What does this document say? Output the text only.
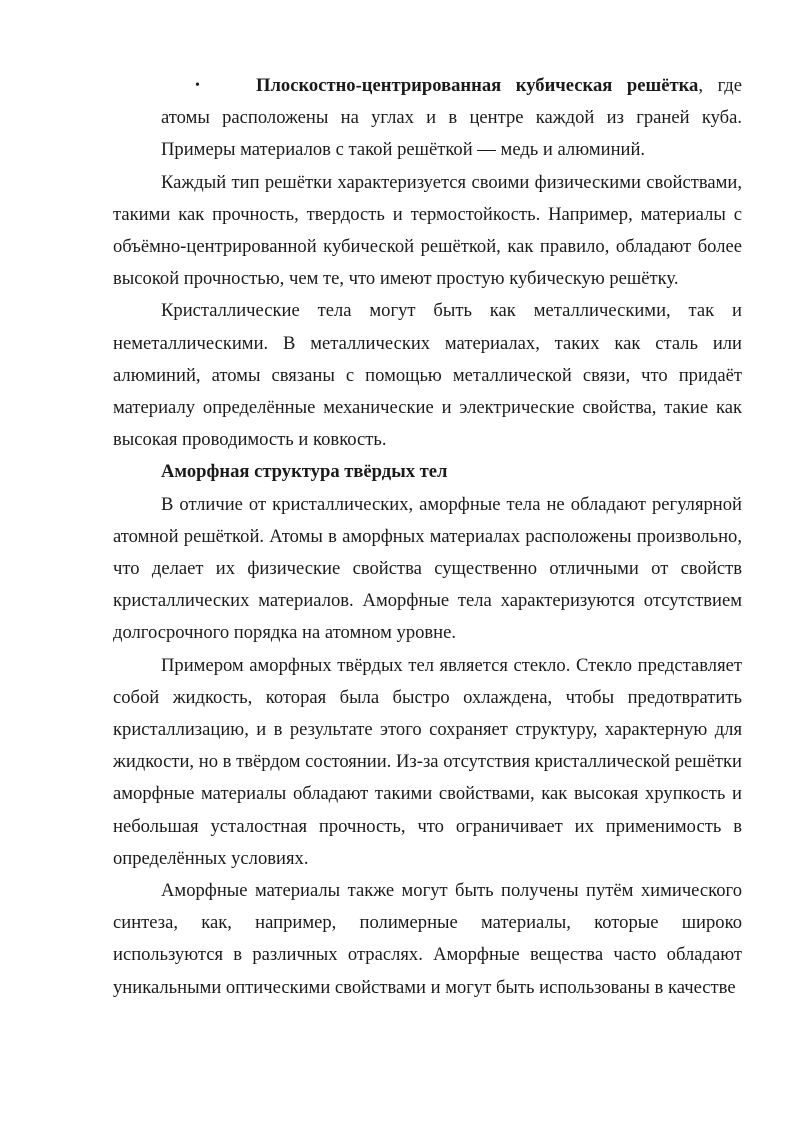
•	Плоскостно-центрированная кубическая решётка, где атомы расположены на углах и в центре каждой из граней куба. Примеры материалов с такой решёткой — медь и алюминий.

Каждый тип решётки характеризуется своими физическими свойствами, такими как прочность, твердость и термостойкость. Например, материалы с объёмно-центрированной кубической решёткой, как правило, обладают более высокой прочностью, чем те, что имеют простую кубическую решётку.

Кристаллические тела могут быть как металлическими, так и неметаллическими. В металлических материалах, таких как сталь или алюминий, атомы связаны с помощью металлической связи, что придаёт материалу определённые механические и электрические свойства, такие как высокая проводимость и ковкость.

Аморфная структура твёрдых тел

В отличие от кристаллических, аморфные тела не обладают регулярной атомной решёткой. Атомы в аморфных материалах расположены произвольно, что делает их физические свойства существенно отличными от свойств кристаллических материалов. Аморфные тела характеризуются отсутствием долгосрочного порядка на атомном уровне.

Примером аморфных твёрдых тел является стекло. Стекло представляет собой жидкость, которая была быстро охлаждена, чтобы предотвратить кристаллизацию, и в результате этого сохраняет структуру, характерную для жидкости, но в твёрдом состоянии. Из-за отсутствия кристаллической решётки аморфные материалы обладают такими свойствами, как высокая хрупкость и небольшая усталостная прочность, что ограничивает их применимость в определённых условиях.

Аморфные материалы также могут быть получены путём химического синтеза, как, например, полимерные материалы, которые широко используются в различных отраслях. Аморфные вещества часто обладают уникальными оптическими свойствами и могут быть использованы в качестве
